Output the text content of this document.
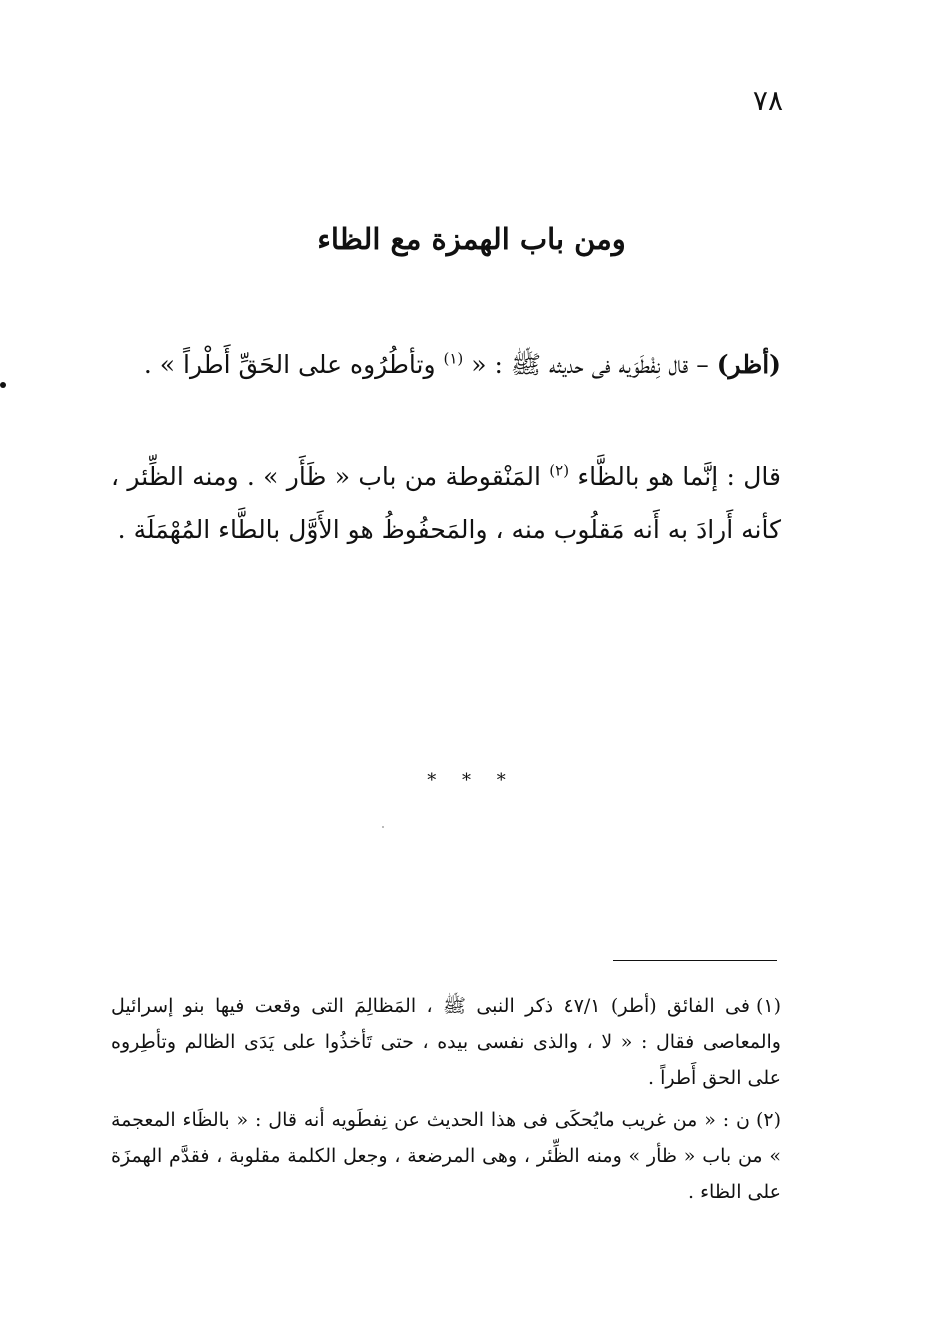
٧٨
ومن باب الهمزة مع الظاء
(أظر) – قال نِفْطَوَيه فى حديثه ﷺ : « $^{(١)}$ وتأطُرُوه على الحَقِّ أَطْراً » .
قال : إنَّما هو بالظَّاء $^{(٢)}$ المَنْقوطة من باب « ظَأَر » . ومنه الظِّئر ، كأنه أَرادَ به أَنه مَقلُوب منه ، والمَحفُوظُ هو الأَوَّل بالطَّاء المُهْمَلَة .
* * *

(١)فى الفائق (أطر) ٤٧/١ ذكر النبى ﷺ ، المَظالِمَ التى وقعت فيها بنو إسرائيل والمعاصى فقال : « لا ، والذى نفسى بيده ، حتى تَأخذُوا على يَدَى الظالم وتأطِروه على الحق أَطراً .

(٢)ن : « من غريب مايُحكَى فى هذا الحديث عن نِفطَويه أنه قال : « بالظَاء المعجمة » من باب « ظأر » ومنه الظِّئر ، وهى المرضعة ، وجعل الكلمة مقلوبة ، فقدَّم الهمزَة على الظاء .
